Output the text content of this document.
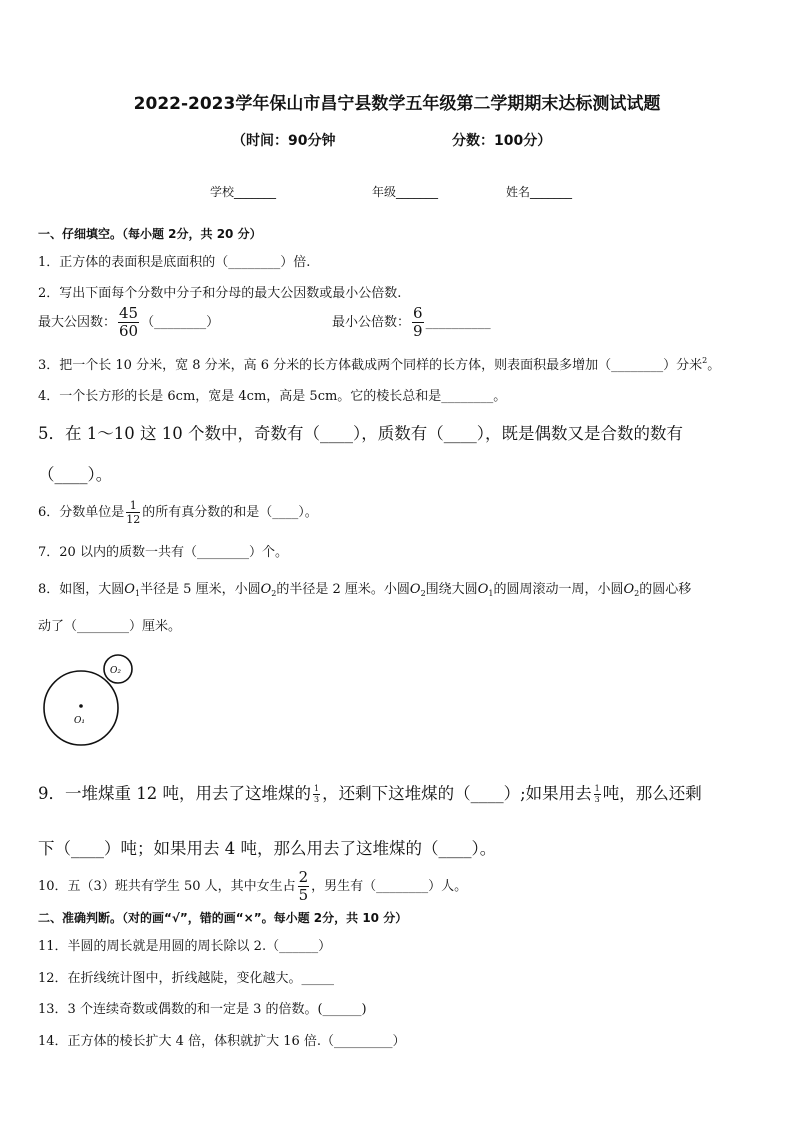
2022-2023学年保山市昌宁县数学五年级第二学期期末达标测试试题
（时间：90分钟	分数：100分）
学校_______	年级_______	姓名_______
一、仔细填空。（每小题 2分，共 20 分）
1．正方体的表面积是底面积的（________）倍.
2．写出下面每个分数中分子和分母的最大公因数或最小公倍数.
最大公因数： $\frac{45}{60}$ （________）	最小公倍数： $\frac{6}{9}$ __________
3．把一个长 10 分米，宽 8 分米，高 6 分米的长方体截成两个同样的长方体，则表面积最多增加（________）分米$^2$。
4．一个长方形的长是 6cm，宽是 4cm，高是 5cm。它的棱长总和是________。
5．在 1～10 这 10 个数中，奇数有（____），质数有（____），既是偶数又是合数的数有
（____）。
6．分数单位是 $\frac{1}{12}$ 的所有真分数的和是（____）。
7．20 以内的质数一共有（________）个。
8．如图，大圆$O_1$半径是 5 厘米，小圆$O_2$的半径是 2 厘米。小圆$O_2$围绕大圆$O_1$的圆周滚动一周，小圆$O_2$的圆心移
动了（________）厘米。
O₁
O₂
9．一堆煤重 12 吨，用去了这堆煤的 $\frac{1}{3}$ ，还剩下这堆煤的（____）;如果用去 $\frac{1}{3}$ 吨，那么还剩
下（____）吨；如果用去 4 吨，那么用去了这堆煤的（____）。
10．五（3）班共有学生 50 人，其中女生占 $\frac{2}{5}$ ，男生有（________）人。
二、准确判断。（对的画“√”，错的画“×”。每小题 2分，共 10 分）
11．半圆的周长就是用圆的周长除以 2.（______）
12．在折线统计图中，折线越陡，变化越大。_____
13．3 个连续奇数或偶数的和一定是 3 的倍数。(______)
14．正方体的棱长扩大 4 倍，体积就扩大 16 倍.（_________）
